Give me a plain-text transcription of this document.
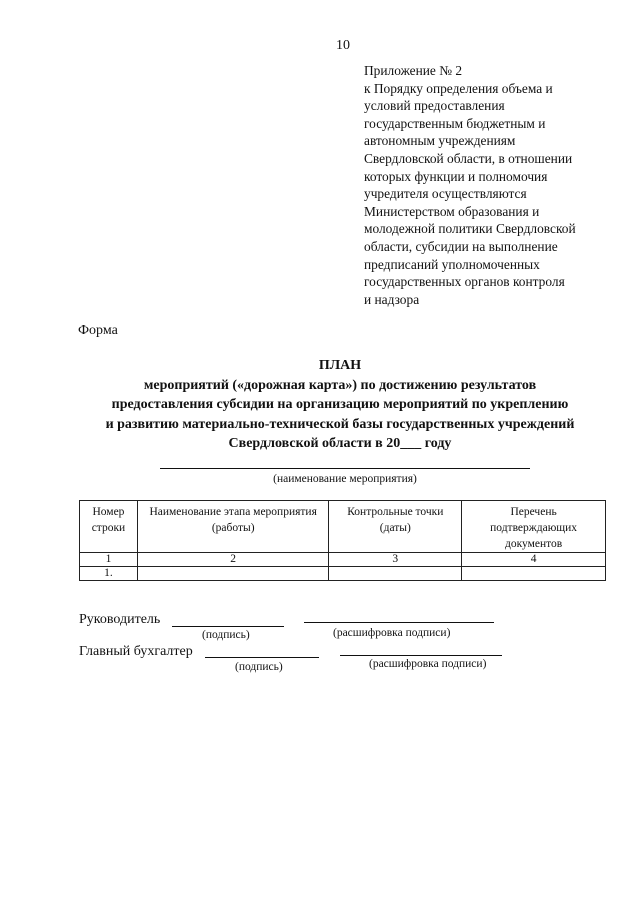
10
Приложение № 2
к Порядку определения объема и
условий предоставления
государственным бюджетным и
автономным учреждениям
Свердловской области, в отношении
которых функции и полномочия
учредителя осуществляются
Министерством образования и
молодежной политики Свердловской
области, субсидии на выполнение
предписаний уполномоченных
государственных органов контроля
и надзора
Форма
ПЛАН
мероприятий («дорожная карта») по достижению результатов
предоставления субсидии на организацию мероприятий по укреплению
и развитию материально-технической базы государственных учреждений
Свердловской области в 20___ году
(наименование мероприятия)
Номер строки	Наименование этапа мероприятия (работы)	Контрольные точки (даты)	Перечень подтверждающих документов
1	2	3	4
1.			
Руководитель
(подпись)	(расшифровка подписи)
Главный бухгалтер
(подпись)	(расшифровка подписи)
